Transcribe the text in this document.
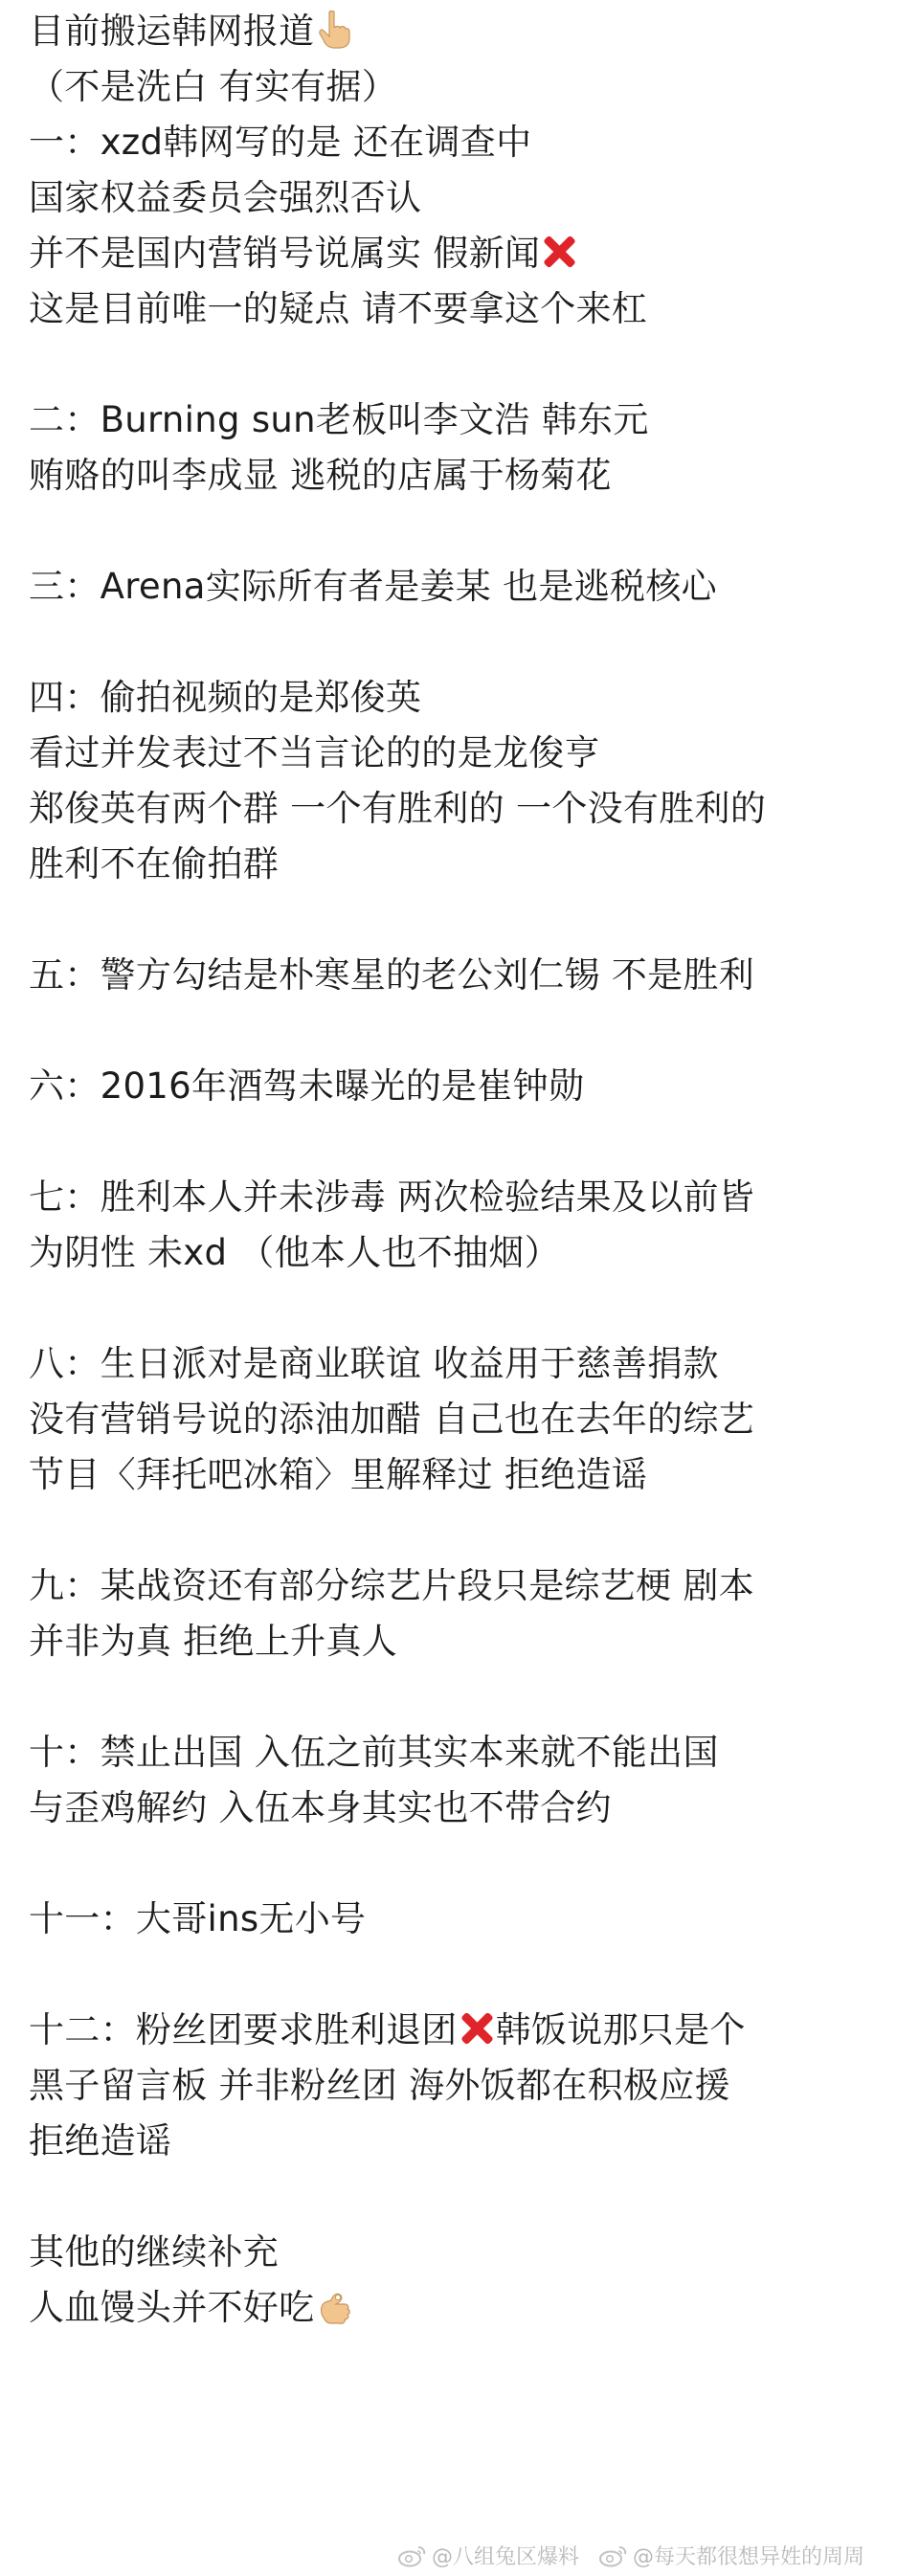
目前搬运韩网报道
（不是洗白 有实有据）
一：xzd韩网写的是 还在调查中
国家权益委员会强烈否认
并不是国内营销号说属实 假新闻
这是目前唯一的疑点 请不要拿这个来杠
二：Burning sun老板叫李文浩 韩东元
贿赂的叫李成显 逃税的店属于杨菊花
三：Arena实际所有者是姜某 也是逃税核心
四：偷拍视频的是郑俊英
看过并发表过不当言论的的是龙俊亨
郑俊英有两个群 一个有胜利的 一个没有胜利的
胜利不在偷拍群
五：警方勾结是朴寒星的老公刘仁锡 不是胜利
六：2016年酒驾未曝光的是崔钟勋
七：胜利本人并未涉毒 两次检验结果及以前皆
为阴性 未xd （他本人也不抽烟）
八：生日派对是商业联谊 收益用于慈善捐款
没有营销号说的添油加醋 自己也在去年的综艺
节目〈拜托吧冰箱〉里解释过 拒绝造谣
九：某战资还有部分综艺片段只是综艺梗 剧本
并非为真 拒绝上升真人
十：禁止出国 入伍之前其实本来就不能出国
与歪鸡解约 入伍本身其实也不带合约
十一：大哥ins无小号
十二：粉丝团要求胜利退团 韩饭说那只是个
黑子留言板 并非粉丝团 海外饭都在积极应援
拒绝造谣
其他的继续补充
人血馒头并不好吃
@八组兔区爆料	@每天都很想异姓的周周
